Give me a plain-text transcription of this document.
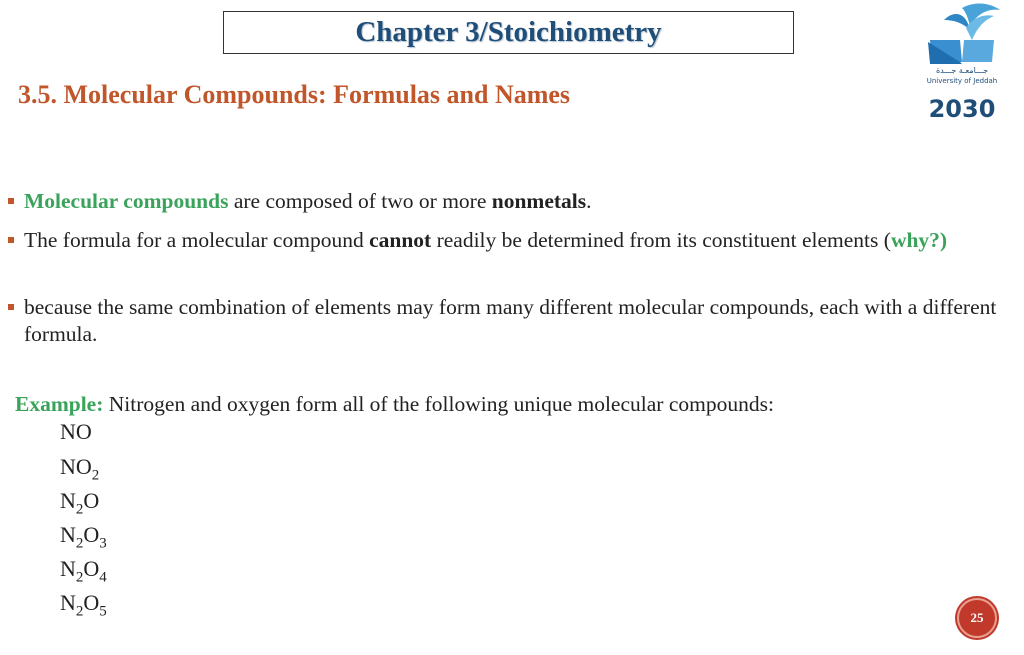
Chapter 3/Stoichiometry
3.5. Molecular Compounds: Formulas and Names
جـــامعـة جـــدة
University of Jeddah
2030
Molecular compounds are composed of two or more nonmetals.
The formula for a molecular compound cannot readily be determined from its constituent elements (why?)
because the same combination of elements may form many different molecular compounds, each with a different formula.
Example: Nitrogen and oxygen form all of the following unique molecular compounds:
NO
$NO_2$
$N_2O$
$N_2O_3$
$N_2O_4$
$N_2O_5$	25
